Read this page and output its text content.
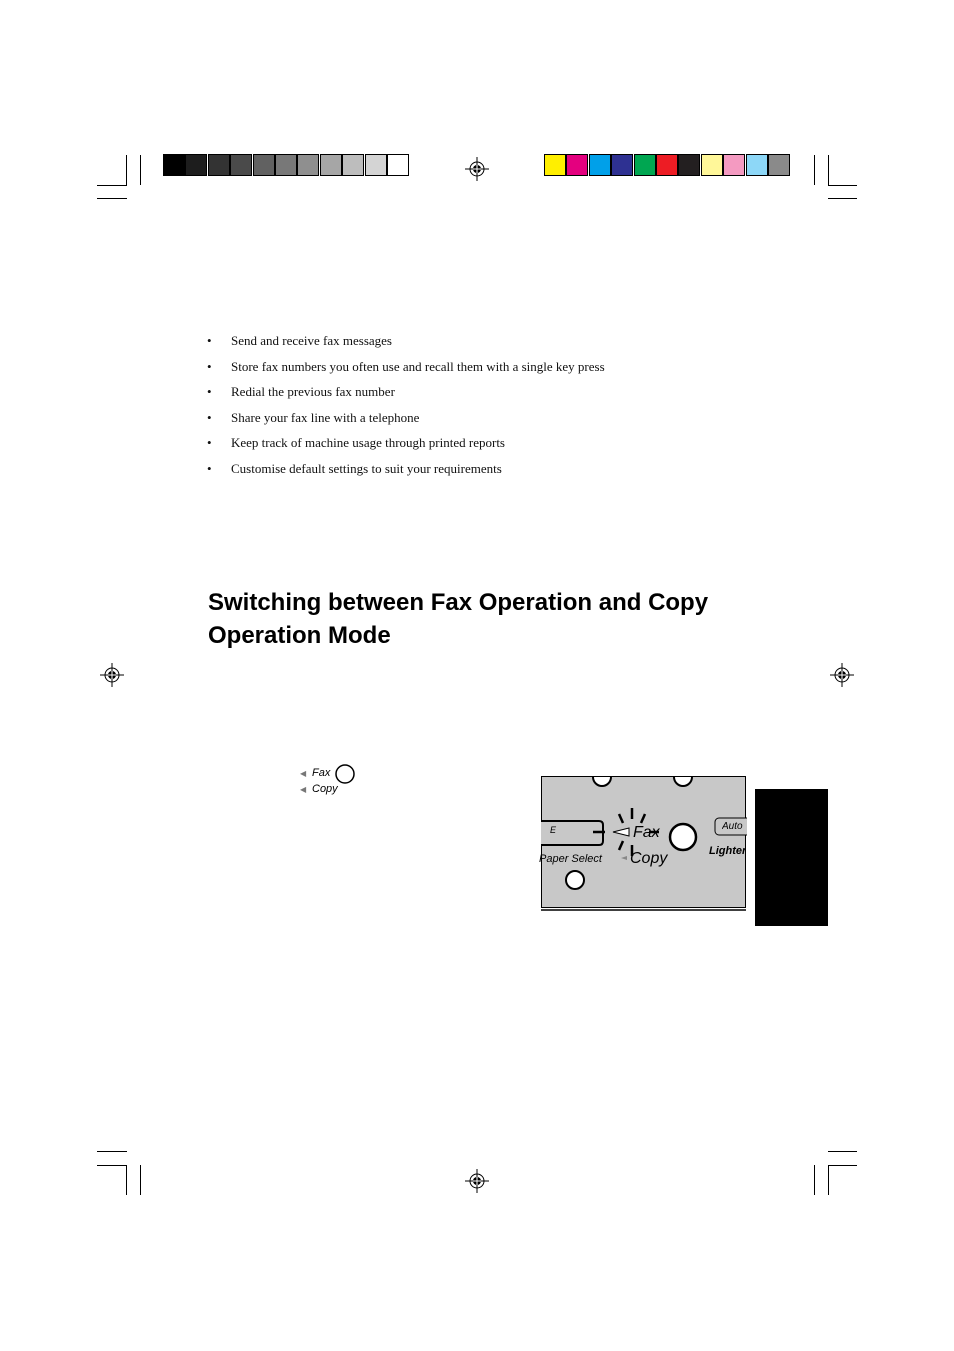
•	Send and receive fax messages
•	Store fax numbers you often use and recall them with a single key press
•	Redial the previous fax number
•	Share your fax line with a telephone
•	Keep track of machine usage through printed reports
•	Customise default settings to suit your requirements
Switching between Fax Operation and Copy Operation Mode
◀ Fax
◀ Copy
E
Paper Select
Fax
Copy
Auto
Lighter
